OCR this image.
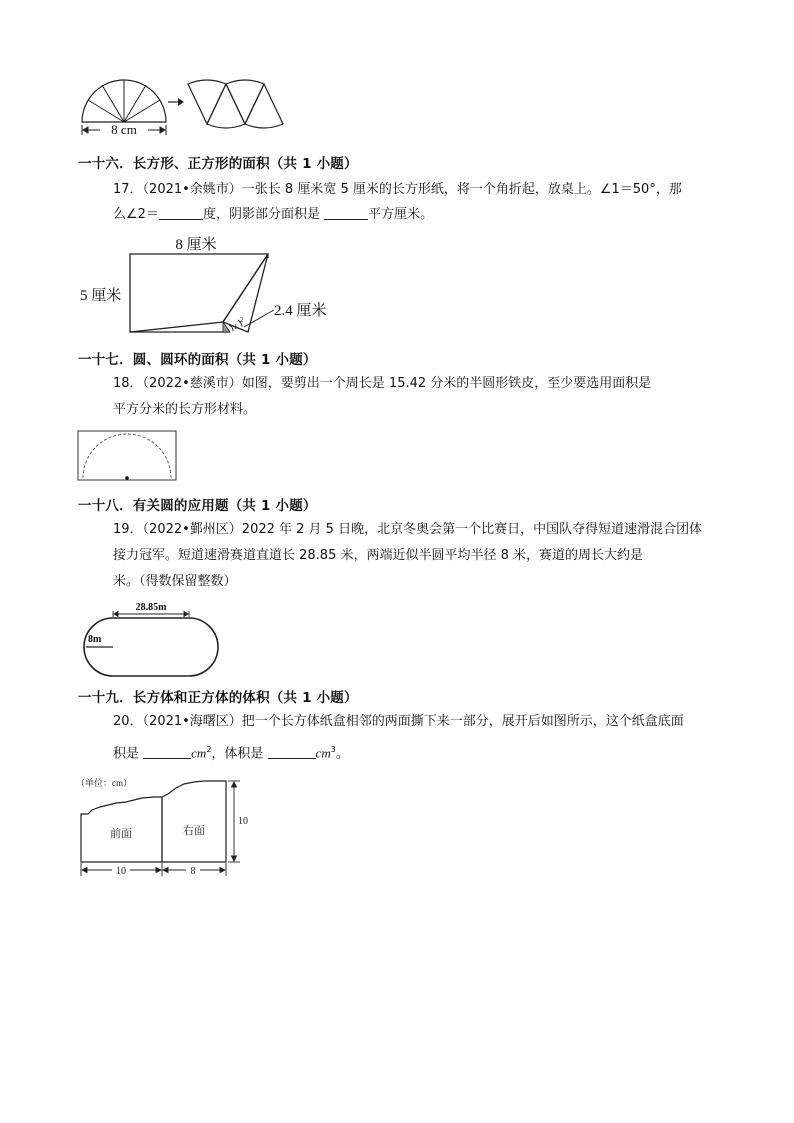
8 cm
一十六．长方形、正方形的面积（共 1 小题）
17．（2021•余姚市）一张长 8 厘米宽 5 厘米的长方形纸，将一个角折起，放桌上。∠1＝50°，那
么∠2＝	度，阴影部分面积是	平方厘米。
8 厘米
5 厘米
2.4 厘米
1
2
一十七．圆、圆环的面积（共 1 小题）
18．（2022•慈溪市）如图，要剪出一个周长是 15.42 分米的半圆形铁皮，至少要选用面积是
平方分米的长方形材料。
一十八．有关圆的应用题（共 1 小题）
19．（2022•鄞州区）2022 年 2 月 5 日晚，北京冬奥会第一个比赛日，中国队夺得短道速滑混合团体
接力冠军。短道速滑赛道直道长 28.85 米，两端近似半圆平均半径 8 米，赛道的周长大约是
米。（得数保留整数）
28.85m
8m
一十九．长方体和正方体的体积（共 1 小题）
20．（2021•海曙区）把一个长方体纸盒相邻的两面撕下来一部分，展开后如图所示，这个纸盒底面
积是	$cm^2$，体积是	$cm^3$。
（单位：cm）
前面	右面
10
10	8
